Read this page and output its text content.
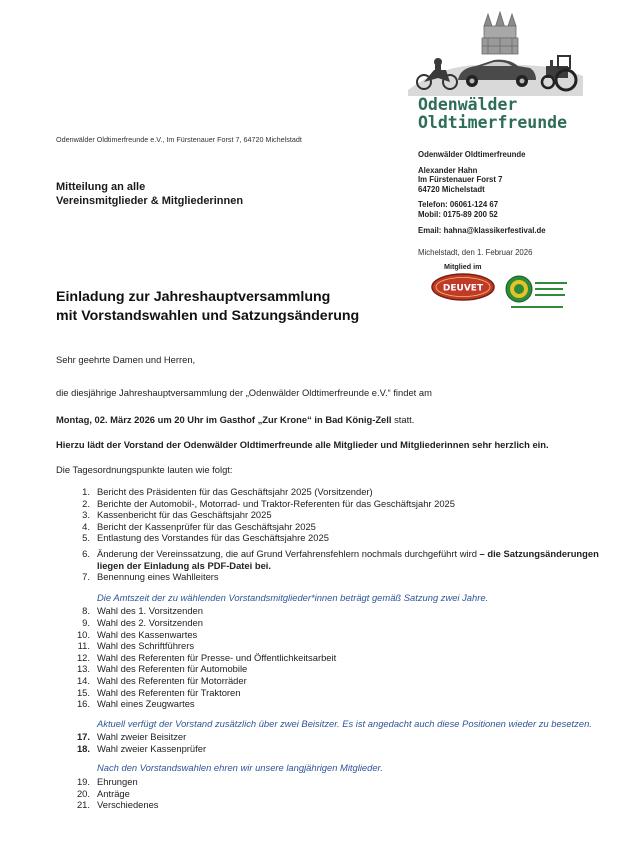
Odenwälder Oldtimerfreunde e.V., Im Fürstenauer Forst 7, 64720 Michelstadt
Mitteilung an alle
Vereinsmitglieder & Mitgliederinnen
Odenwälder
Oldtimerfreunde
Odenwälder Oldtimerfreunde
Alexander Hahn
Im Fürstenauer Forst 7
64720 Michelstadt
Telefon: 06061-124 67
Mobil: 0175-89 200 52
Email: hahna@klassikerfestival.de
Michelstadt, den 1. Februar 2026
Mitglied im
DEUVET
Einladung zur Jahreshauptversammlung
mit Vorstandswahlen und Satzungsänderung
Sehr geehrte Damen und Herren,
die diesjährige Jahreshauptversammlung der „Odenwälder Oldtimerfreunde e.V.“ findet am
Montag, 02. März 2026 um 20 Uhr im Gasthof „Zur Krone“ in Bad König-Zell statt.
Hierzu lädt der Vorstand der Odenwälder Oldtimerfreunde alle Mitglieder und Mitgliederinnen sehr herzlich ein.
Die Tagesordnungspunkte lauten wie folgt:
1. Bericht des Präsidenten für das Geschäftsjahr 2025 (Vorsitzender)
2. Berichte der Automobil-, Motorrad- und Traktor-Referenten für das Geschäftsjahr 2025
3. Kassenbericht für das Geschäftsjahr 2025
4. Bericht der Kassenprüfer für das Geschäftsjahr 2025
5. Entlastung des Vorstandes für das Geschäftsjahre 2025
6. Änderung der Vereinssatzung, die auf Grund Verfahrensfehlern nochmals durchgeführt wird – die Satzungsänderungen liegen der Einladung als PDF-Datei bei.
7. Benennung eines Wahlleiters
Die Amtszeit der zu wählenden Vorstandsmitglieder*innen beträgt gemäß Satzung zwei Jahre.
8. Wahl des 1. Vorsitzenden
9. Wahl des 2. Vorsitzenden
10. Wahl des Kassenwartes
11. Wahl des Schriftführers
12. Wahl des Referenten für Presse- und Öffentlichkeitsarbeit
13. Wahl des Referenten für Automobile
14. Wahl des Referenten für Motorräder
15. Wahl des Referenten für Traktoren
16. Wahl eines Zeugwartes
Aktuell verfügt der Vorstand zusätzlich über zwei Beisitzer. Es ist angedacht auch diese Positionen wieder zu besetzen.
17. Wahl zweier Beisitzer
18. Wahl zweier Kassenprüfer
Nach den Vorstandswahlen ehren wir unsere langjährigen Mitglieder.
19. Ehrungen
20. Anträge
21. Verschiedenes
